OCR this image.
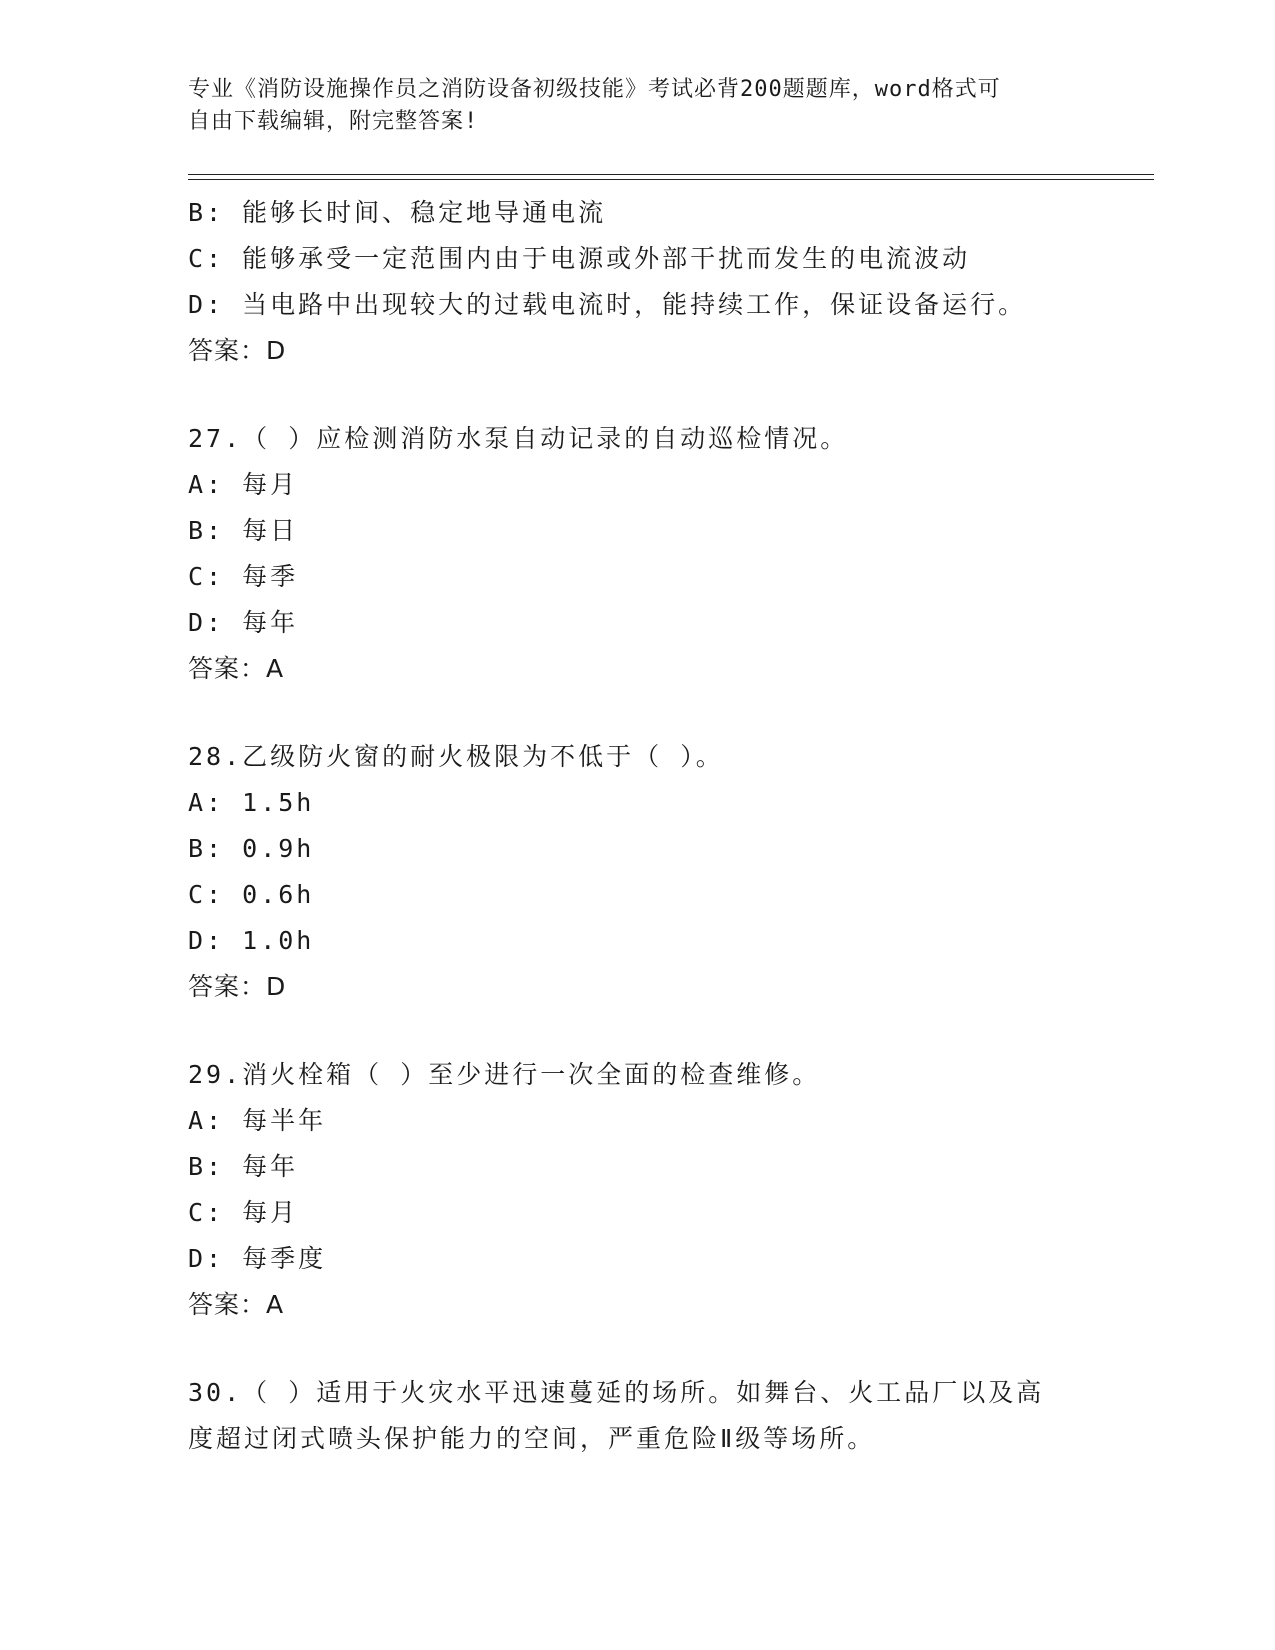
专业《消防设施操作员之消防设备初级技能》考试必背200题题库，word格式可
自由下载编辑，附完整答案!
B: 能够长时间、稳定地导通电流
C: 能够承受一定范围内由于电源或外部干扰而发生的电流波动
D: 当电路中出现较大的过载电流时，能持续工作，保证设备运行。
答案：D
27.（ ）应检测消防水泵自动记录的自动巡检情况。
A: 每月
B: 每日
C: 每季
D: 每年
答案：A
28.乙级防火窗的耐火极限为不低于（ ）。
A: 1.5h
B: 0.9h
C: 0.6h
D: 1.0h
答案：D
29.消火栓箱（ ）至少进行一次全面的检查维修。
A: 每半年
B: 每年
C: 每月
D: 每季度
答案：A
30.（ ）适用于火灾水平迅速蔓延的场所。如舞台、火工品厂以及高
度超过闭式喷头保护能力的空间，严重危险Ⅱ级等场所。
